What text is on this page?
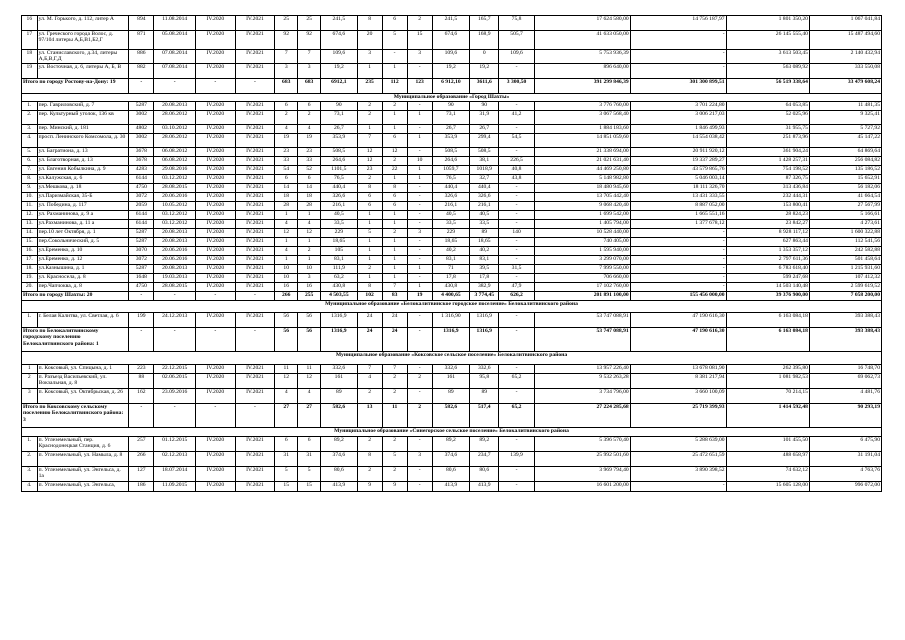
16	ул. М. Горького, д. 112, литер А	894	11.08.2014	IV.2020	IV.2021	25	25	241,5	8	6	2	241,5	165,7	75,8	17 624 580,00	14 756 187,97	1 801 350,20	1 067 041,84
17	ул. Греческого города Волос, д. 97/104 литеры А,Б,В1,Б2,Г	871	05.08.2014	IV.2020	IV.2021	92	92	674,6	20	5	15	674,6	168,9	505,7	41 633 050,00	-	26 145 555,40	15 487 494,60
18	ул. Станиславского, д.34, литеры А,Б,В,Г,Д	886	07.08.2014	IV.2020	IV.2021	7	7	109,6	3	-	3	109,6	0	109,6	5 753 936,39	-	3 613 503,45	2 140 432,94
19	ул. Восточная, д. 6, литеры А, Б, В	882	07.08.2014	IV.2020	IV.2021	3	3	19,2	1	1	-	19,2	19,2	-	896 640,00	-	563 089,92	333 550,08
Итого по городу Ростову-на-Дону: 19		-	-	-	-	683	683	6912,1	235	112	123	6 912,10	3611,6	3 300,50	391 299 846,39	301 300 899,51	56 519 338,64	33 479 608,24
Муниципальное образование «Город Шахты»																		
1.	пер. Гавриловский, д. 7	5287	20.08.2013	IV.2020	IV.2021	6	6	90	2	2	-	90	90	-	3 776 760,00	3 701 224,80	64 053,85	11 481,35
2.	пер. Культурный уголок, 136 кв	3002	28.06.2012	IV.2020	IV.2021	2	2	73,1	2	1	1	73,1	31,9	41,2	3 067 568,40	3 006 217,03	52 025,96	9 325,41
3.	пер. Минский, д. 181	4802	03.10.2012	IV.2020	IV.2021	4	4	26,7	1	1	-	26,7	26,7	-	1 884 183,60	1 846 499,93	31 955,75	5 727,92
4.	просп. Ленинского Комсомола, д. 30	3002	28.06.2012	IV.2020	IV.2021	19	19	353,9	7	6	1	353,9	299,4	54,5	14 851 059,60	14 554 038,42	251 873,96	45 147,22
5.	ул. Багратиона, д. 13	3678	06.08.2012	IV.2020	IV.2021	23	23	508,5	12	12	-	508,5	508,5	-	21 338 694,00	20 911 920,12	361 904,24	64 869,64
6.	ул. Благотворная, д. 13	3678	06.08.2012	IV.2020	IV.2021	33	33	264,6	12	2	10	264,6	38,1	226,5	21 021 631,40	19 337 289,27	1 428 257,31	256 084,82
7.	ул. Евгения Кобылкина, д. 9	4283	29.08.2016	IV.2020	IV.2021	54	52	1101,5	23	22	1	1059,7	1018,9	40,8	44 469 250,80	43 579 865,76	754 198,52	135 186,52
8.	ул.Калужская, д. 6	6144	03.12.2012	IV.2020	IV.2021	6	6	76,5	2	1	1	76,5	32,7	43,8	5 148 982,80	5 046 003,14	87 326,75	15 652,91
9.	ул.Мешкова, д. 18	4750	28.08.2015	IV.2020	IV.2021	14	14	440,4	8	8	-	440,4	440,4	-	18 480 945,60	18 111 326,70	313 436,84	56 182,06
10.	ул.Паризмайская, 35-Б	3072	20.06.2016	IV.2020	IV.2021	18	18	326,6	6	6	-	326,6	326,6	-	13 705 442,40	13 431 333,55	232 444,31	41 664,54
11.	ул. Победина, д. 117	2059	10.05.2012	IV.2020	IV.2021	28	28	216,1	6	6	-	216,1	216,1	-	9 068 420,40	8 887 052,00	153 800,41	27 567,99
12.	ул. Рахманинова, д. 9 а	6144	03.12.2012	IV.2020	IV.2021	1	1	40,5	1	1	-	40,5	40,5	-	1 699 542,00	1 665 551,16	28 824,23	5 166,61
13.	ул.Рахманинова, д. 11 а	6144	03.12.2012	IV.2020	IV.2021	4	4	33,5	1	1	-	33,5	33,5	-	1 405 794,00	1 377 678,12	23 842,27	4 273,61
14.	пер.10 лет Октября, д. 1	5287	20.08.2013	IV.2020	IV.2021	12	12	229	5	2	3	229	89	140	10 528 440,00	-	8 928 117,12	1 600 322,88
15.	пер.Сокольнический, д. 5	5287	20.08.2013	IV.2020	IV.2021	1	1	18,65	1	1	-	18,65	18,65	-	740 405,00	-	627 863,44	112 541,56
16.	ул.Еременко, д. 10	3070	20.06.2016	IV.2020	IV.2021	4	2	105	1	1	-	40,2	40,2	-	1 595 940,00	-	1 353 357,12	242 582,88
17.	ул.Еременко, д. 12	3072	20.06.2016	IV.2020	IV.2021	1	1	83,1	1	1	-	83,1	83,1	-	3 299 070,00	-	2 797 611,36	501 458,64
18.	ул.Казнышина, д. 1	5287	20.08.2013	IV.2020	IV.2021	10	10	111,9	2	1	1	71	39,5	31,5	7 999 550,00	-	6 783 618,40	1 215 931,60
19.	ул. Красносела, д. 8	1648	19.03.2013	IV.2020	IV.2021	10	3	63,2	1	1	-	17,8	17,8	-	706 660,00	-	599 247,68	107 412,32
20.	пер.Чапчоква, д. 8	4750	28.08.2015	IV.2020	IV.2021	16	16	430,8	8	7	1	430,8	382,9	47,9	17 102 760,00	-	14 503 140,48	2 599 619,52
Итого по городу Шахты: 20		-	-	-	-	266	255	4 503,55	102	83	19	4 400,65	3 774,45	626,2	201 891 100,00	155 456 000,00	39 376 900,00	7 058 200,00
Муниципальное образование «Белокалитвинское городское поселение» Белокалитвинского района																		
1.	г. Белая Калитва, ул. Светлая, д. 6	199	24.12.2013	IV.2020	IV.2021	56	56	1316,9	24	24	-	1 316,90	1316,9	-	53 747 088,91	47 190 616,30	6 163 084,18	393 388,43
Итого по Белокалитвинскому городскому поселению Белокалитвинского района: 1		-	-	-	-	56	56	1316,9	24	24	-	1316,9	1316,9	-	53 747 088,91	47 190 616,30	6 163 084,18	393 388,43
Муниципальное образование «Коксовское сельское поселение» Белокалитвинского района																		
1	п. Коксовый, ул. Спицына, д. 1	223	22.12.2015	IV.2020	IV.2021	11	11	332,6	7	7	-	332,6	332,6	-	13 957 226,40	13 678 081,90	262 395,80	16 748,70
2	п. Разъезд Васильевский, ул. Вокзальная, д. 8	88	02.06.2015	IV.2020	IV.2021	12	12	161	4	2	2	161	95,8	65,2	9 532 263,28	8 381 217,94	1 081 982,53	69 062,73
3	п. Коксовый, ул. Октябрьская, д. 26	162	23.09.2016	IV.2020	IV.2021	4	4	89	2	2	-	89	89	-	3 734 796,00	3 660 100,09	70 214,15	4 481,76
Итого по Коксовскому сельскому поселению Белокалитвинского района: 3		-	-	-	-	27	27	582,6	13	11	2	582,6	517,4	65,2	27 224 285,68	25 719 399,93	1 414 592,48	90 293,19
Муниципальное образование «Синегорское сельское поселение» Белокалитвинского района																		
1.	п. Углеземельный, пер. Краснодонецкая Станция, д. 6	257	01.12.2015	IV.2020	IV.2021	6	6	89,2	2	2	-	89,2	89,2	-	5 396 570,40	5 288 639,00	101 455,50	6 475,90
2.	п. Углеземельный, ул. Намыла, д. 8	266	02.12.2013	IV.2020	IV.2021	31	31	374,6	8	5	3	374,6	234,7	139,9	25 992 501,60	25 472 651,59	488 658,97	31 191,04
3.	п. Углеземельный, ул. Энгельса, д. 1а	127	18.07.2014	IV.2020	IV.2021	5	5	80,6	2	2	-	80,6	80,6	-	3 969 794,40	3 890 398,52	74 632,12	4 763,76
4.	п. Углеземельный, ул. Энгельса,	186	11.09.2015	IV.2020	IV.2021	15	15	413,9	9	9	-	413,9	413,9	-	16 601 200,00	-	15 605 128,00	996 072,00
